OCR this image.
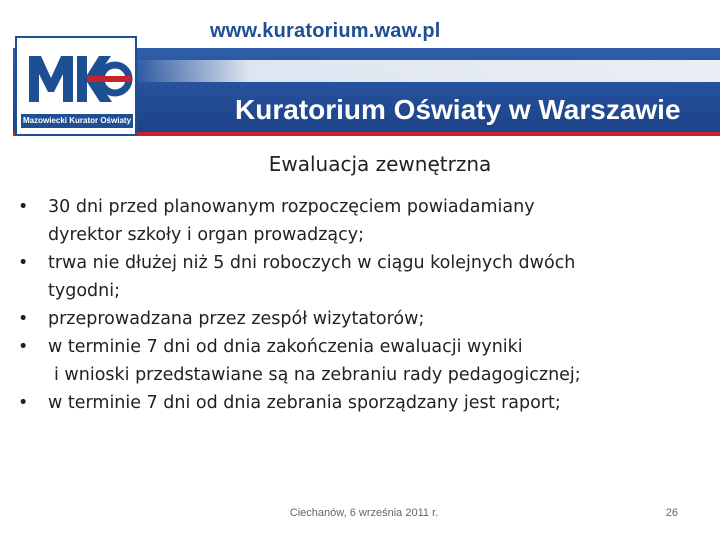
www.kuratorium.waw.pl
Mazowiecki Kurator Oświaty	Kuratorium Oświaty w Warszawie
Ewaluacja zewnętrzna
• 30 dni przed planowanym rozpoczęciem powiadamiany
dyrektor szkoły i organ prowadzący;
• trwa nie dłużej niż 5 dni roboczych w ciągu kolejnych dwóch
tygodni;
• przeprowadzana przez zespół wizytatorów;
• w terminie 7 dni od dnia zakończenia ewaluacji wyniki
i wnioski przedstawiane są na zebraniu rady pedagogicznej;
• w terminie 7 dni od dnia zebrania sporządzany jest raport;
Ciechanów, 6 września 2011 r.	26
